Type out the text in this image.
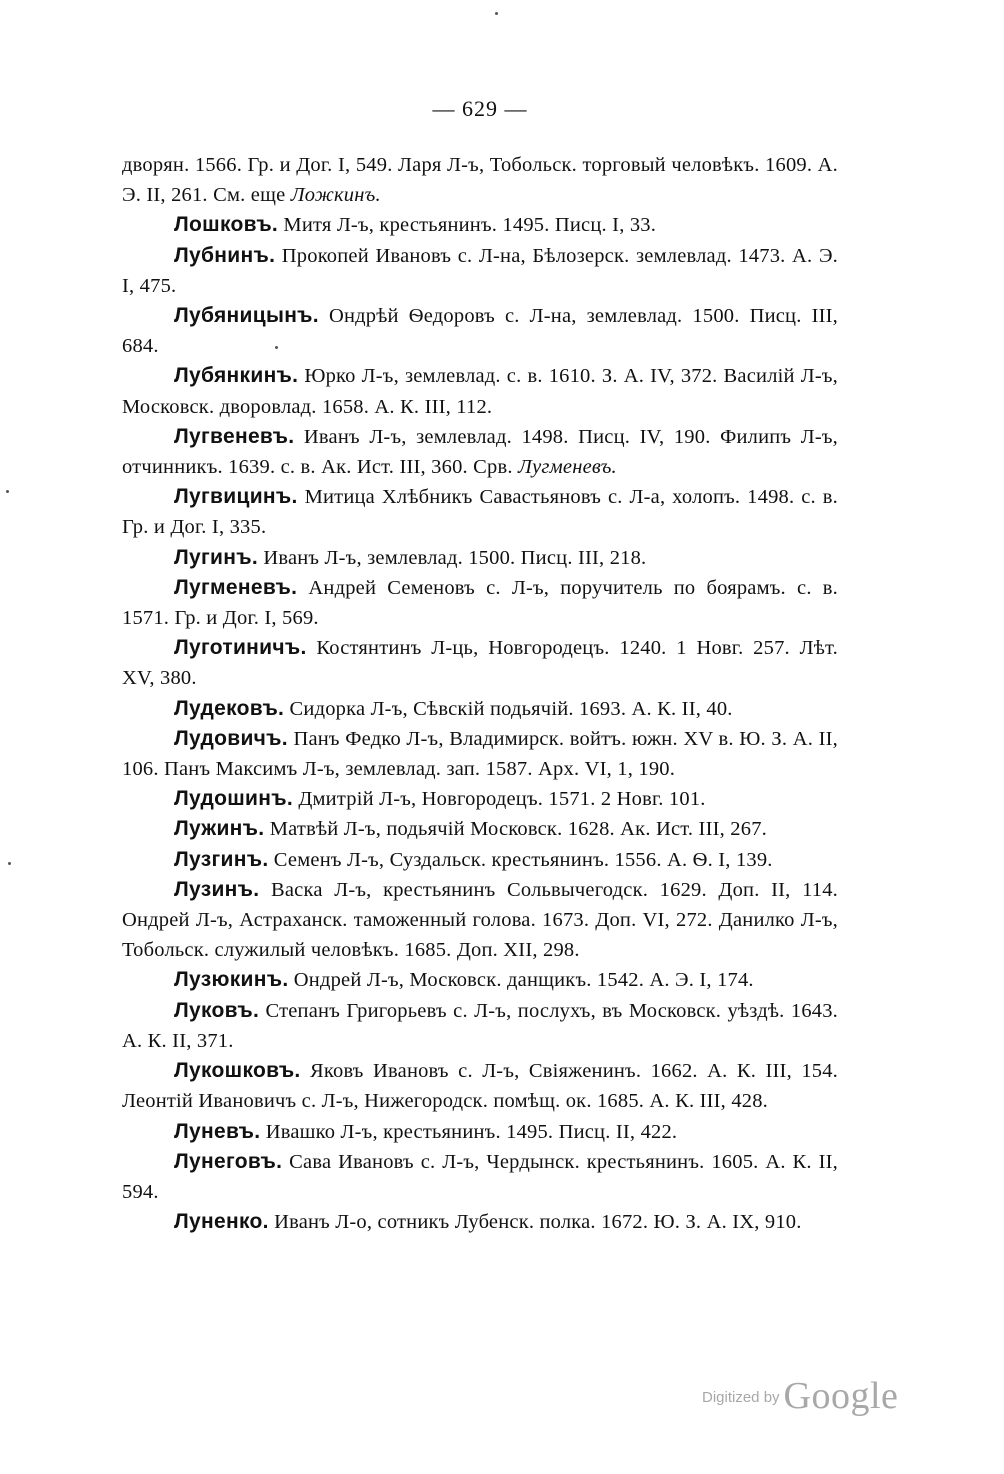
— 629 —

дворян. 1566. Гр. и Дог. I, 549. Ларя Л-ъ, Тобольск. торговый человѣкъ. 1609. А. Э. II, 261. См. еще Ложкинъ.

Лошковъ. Митя Л-ъ, крестьянинъ. 1495. Писц. I, 33.

Лубнинъ. Прокопей Ивановъ с. Л-на, Бѣлозерск. землевлад. 1473. А. Э. I, 475.

Лубяницынъ. Ондрѣй Ѳедоровъ с. Л-на, землевлад. 1500. Писц. III, 684.

Лубянкинъ. Юрко Л-ъ, землевлад. с. в. 1610. З. А. IV, 372. Василій Л-ъ, Московск. дворовлад. 1658. А. К. III, 112.

Лугвеневъ. Иванъ Л-ъ, землевлад. 1498. Писц. IV, 190. Филипъ Л-ъ, отчинникъ. 1639. с. в. Ак. Ист. III, 360. Срв. Лугменевъ.

Лугвицинъ. Митица Хлѣбникъ Савастьяновъ с. Л-а, холопъ. 1498. с. в. Гр. и Дог. I, 335.

Лугинъ. Иванъ Л-ъ, землевлад. 1500. Писц. III, 218.

Лугменевъ. Андрей Семеновъ с. Л-ъ, поручитель по боярамъ. с. в. 1571. Гр. и Дог. I, 569.

Луготиничъ. Костянтинъ Л-ць, Новгородецъ. 1240. 1 Новг. 257. Лѣт. XV, 380.

Лудековъ. Сидорка Л-ъ, Сѣвскій подьячій. 1693. А. К. II, 40.

Лудовичъ. Панъ Федко Л-ъ, Владимирск. войтъ. южн. XV в. Ю. З. А. II, 106. Панъ Максимъ Л-ъ, землевлад. зап. 1587. Арх. VI, 1, 190.

Лудошинъ. Дмитрій Л-ъ, Новгородецъ. 1571. 2 Новг. 101.

Лужинъ. Матвѣй Л-ъ, подьячій Московск. 1628. Ак. Ист. III, 267.

Лузгинъ. Семенъ Л-ъ, Суздальск. крестьянинъ. 1556. А. Ѳ. I, 139.

Лузинъ. Васка Л-ъ, крестьянинъ Сольвычегодск. 1629. Доп. II, 114. Ондрей Л-ъ, Астраханск. таможенный голова. 1673. Доп. VI, 272. Данилко Л-ъ, Тобольск. служилый человѣкъ. 1685. Доп. XII, 298.

Лузюкинъ. Ондрей Л-ъ, Московск. данщикъ. 1542. А. Э. I, 174.

Луковъ. Степанъ Григорьевъ с. Л-ъ, послухъ, въ Московск. уѣздѣ. 1643. А. К. II, 371.

Лукошковъ. Яковъ Ивановъ с. Л-ъ, Свіяженинъ. 1662. А. К. III, 154. Леонтій Ивановичъ с. Л-ъ, Нижегородск. помѣщ. ок. 1685. А. К. III, 428.

Луневъ. Ивашко Л-ъ, крестьянинъ. 1495. Писц. II, 422.

Лунеговъ. Сава Ивановъ с. Л-ъ, Чердынск. крестьянинъ. 1605. А. К. II, 594.

Луненко. Иванъ Л-о, сотникъ Лубенск. полка. 1672. Ю. З. А. IX, 910.

Digitized by Google
